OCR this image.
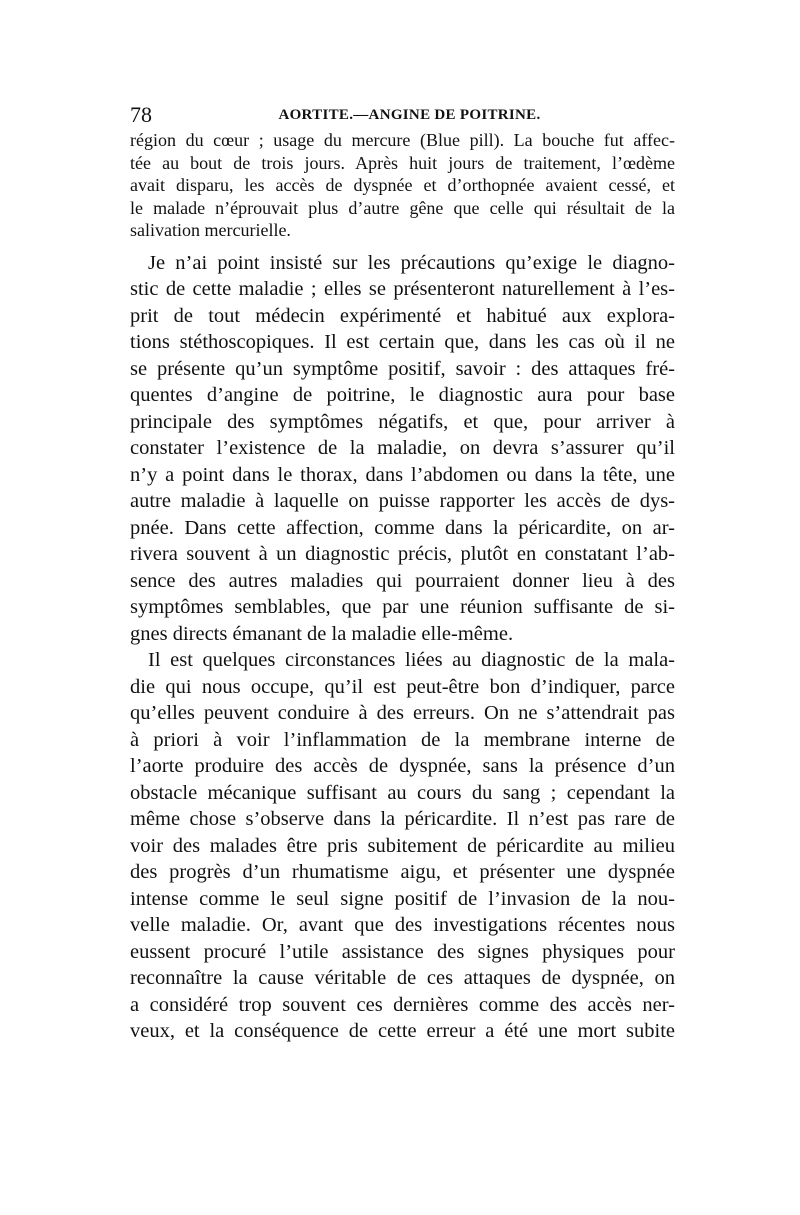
78	AORTITE.—ANGINE DE POITRINE.
région du cœur ; usage du mercure (Blue pill). La bouche fut affec-
tée au bout de trois jours. Après huit jours de traitement, l’œdème
avait disparu, les accès de dyspnée et d’orthopnée avaient cessé, et
le malade n’éprouvait plus d’autre gêne que celle qui résultait de la
salivation mercurielle.
Je n’ai point insisté sur les précautions qu’exige le diagno-
stic de cette maladie ; elles se présenteront naturellement à l’es-
prit de tout médecin expérimenté et habitué aux explora-
tions stéthoscopiques. Il est certain que, dans les cas où il ne
se présente qu’un symptôme positif, savoir : des attaques fré-
quentes d’angine de poitrine, le diagnostic aura pour base
principale des symptômes négatifs, et que, pour arriver à
constater l’existence de la maladie, on devra s’assurer qu’il
n’y a point dans le thorax, dans l’abdomen ou dans la tête, une
autre maladie à laquelle on puisse rapporter les accès de dys-
pnée. Dans cette affection, comme dans la péricardite, on ar-
rivera souvent à un diagnostic précis, plutôt en constatant l’ab-
sence des autres maladies qui pourraient donner lieu à des
symptômes semblables, que par une réunion suffisante de si-
gnes directs émanant de la maladie elle-même.
Il est quelques circonstances liées au diagnostic de la mala-
die qui nous occupe, qu’il est peut-être bon d’indiquer, parce
qu’elles peuvent conduire à des erreurs. On ne s’attendrait pas
à priori à voir l’inflammation de la membrane interne de
l’aorte produire des accès de dyspnée, sans la présence d’un
obstacle mécanique suffisant au cours du sang ; cependant la
même chose s’observe dans la péricardite. Il n’est pas rare de
voir des malades être pris subitement de péricardite au milieu
des progrès d’un rhumatisme aigu, et présenter une dyspnée
intense comme le seul signe positif de l’invasion de la nou-
velle maladie. Or, avant que des investigations récentes nous
eussent procuré l’utile assistance des signes physiques pour
reconnaître la cause véritable de ces attaques de dyspnée, on
a considéré trop souvent ces dernières comme des accès ner-
veux, et la conséquence de cette erreur a été une mort subite
